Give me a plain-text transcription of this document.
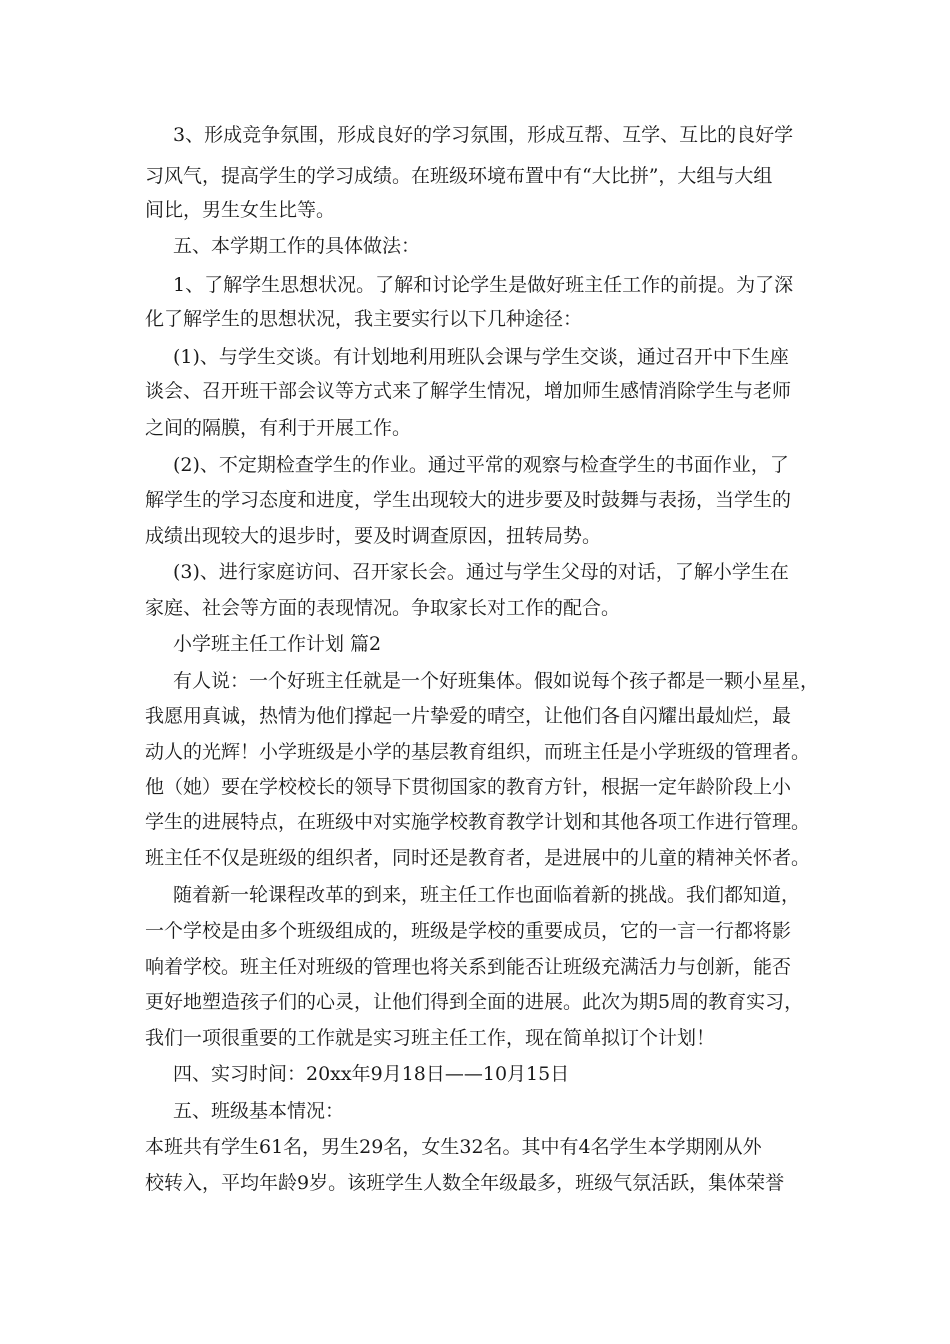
3、形成竞争氛围，形成良好的学习氛围，形成互帮、互学、互比的良好学
习风气，提高学生的学习成绩。在班级环境布置中有“大比拼”，大组与大组
间比，男生女生比等。
五、本学期工作的具体做法：
1、了解学生思想状况。了解和讨论学生是做好班主任工作的前提。为了深
化了解学生的思想状况，我主要实行以下几种途径：
(1)、与学生交谈。有计划地利用班队会课与学生交谈，通过召开中下生座
谈会、召开班干部会议等方式来了解学生情况，增加师生感情消除学生与老师
之间的隔膜，有利于开展工作。
(2)、不定期检查学生的作业。通过平常的观察与检查学生的书面作业，了
解学生的学习态度和进度，学生出现较大的进步要及时鼓舞与表扬，当学生的
成绩出现较大的退步时，要及时调查原因，扭转局势。
(3)、进行家庭访问、召开家长会。通过与学生父母的对话，了解小学生在
家庭、社会等方面的表现情况。争取家长对工作的配合。
小学班主任工作计划 篇2
有人说：一个好班主任就是一个好班集体。假如说每个孩子都是一颗小星星，
我愿用真诚，热情为他们撑起一片挚爱的晴空，让他们各自闪耀出最灿烂，最
动人的光辉！小学班级是小学的基层教育组织，而班主任是小学班级的管理者。
他（她）要在学校校长的领导下贯彻国家的教育方针，根据一定年龄阶段上小
学生的进展特点，在班级中对实施学校教育教学计划和其他各项工作进行管理。
班主任不仅是班级的组织者，同时还是教育者，是进展中的儿童的精神关怀者。
随着新一轮课程改革的到来，班主任工作也面临着新的挑战。我们都知道，
一个学校是由多个班级组成的，班级是学校的重要成员，它的一言一行都将影
响着学校。班主任对班级的管理也将关系到能否让班级充满活力与创新，能否
更好地塑造孩子们的心灵，让他们得到全面的进展。此次为期5周的教育实习，
我们一项很重要的工作就是实习班主任工作，现在简单拟订个计划！
四、实习时间：20xx年9月18日——10月15日
五、班级基本情况：
本班共有学生61名，男生29名，女生32名。其中有4名学生本学期刚从外
校转入，平均年龄9岁。该班学生人数全年级最多，班级气氛活跃，集体荣誉
